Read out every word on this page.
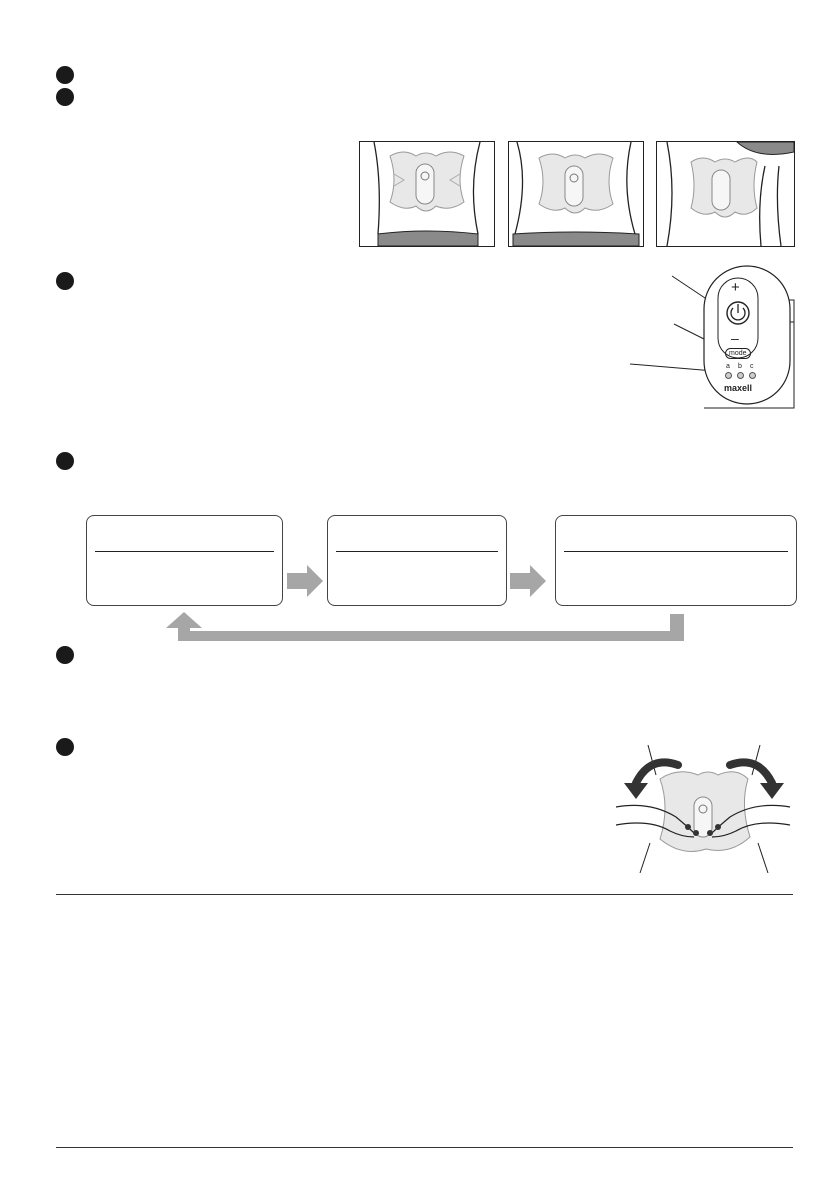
+
–
mode
a b c
maxell
